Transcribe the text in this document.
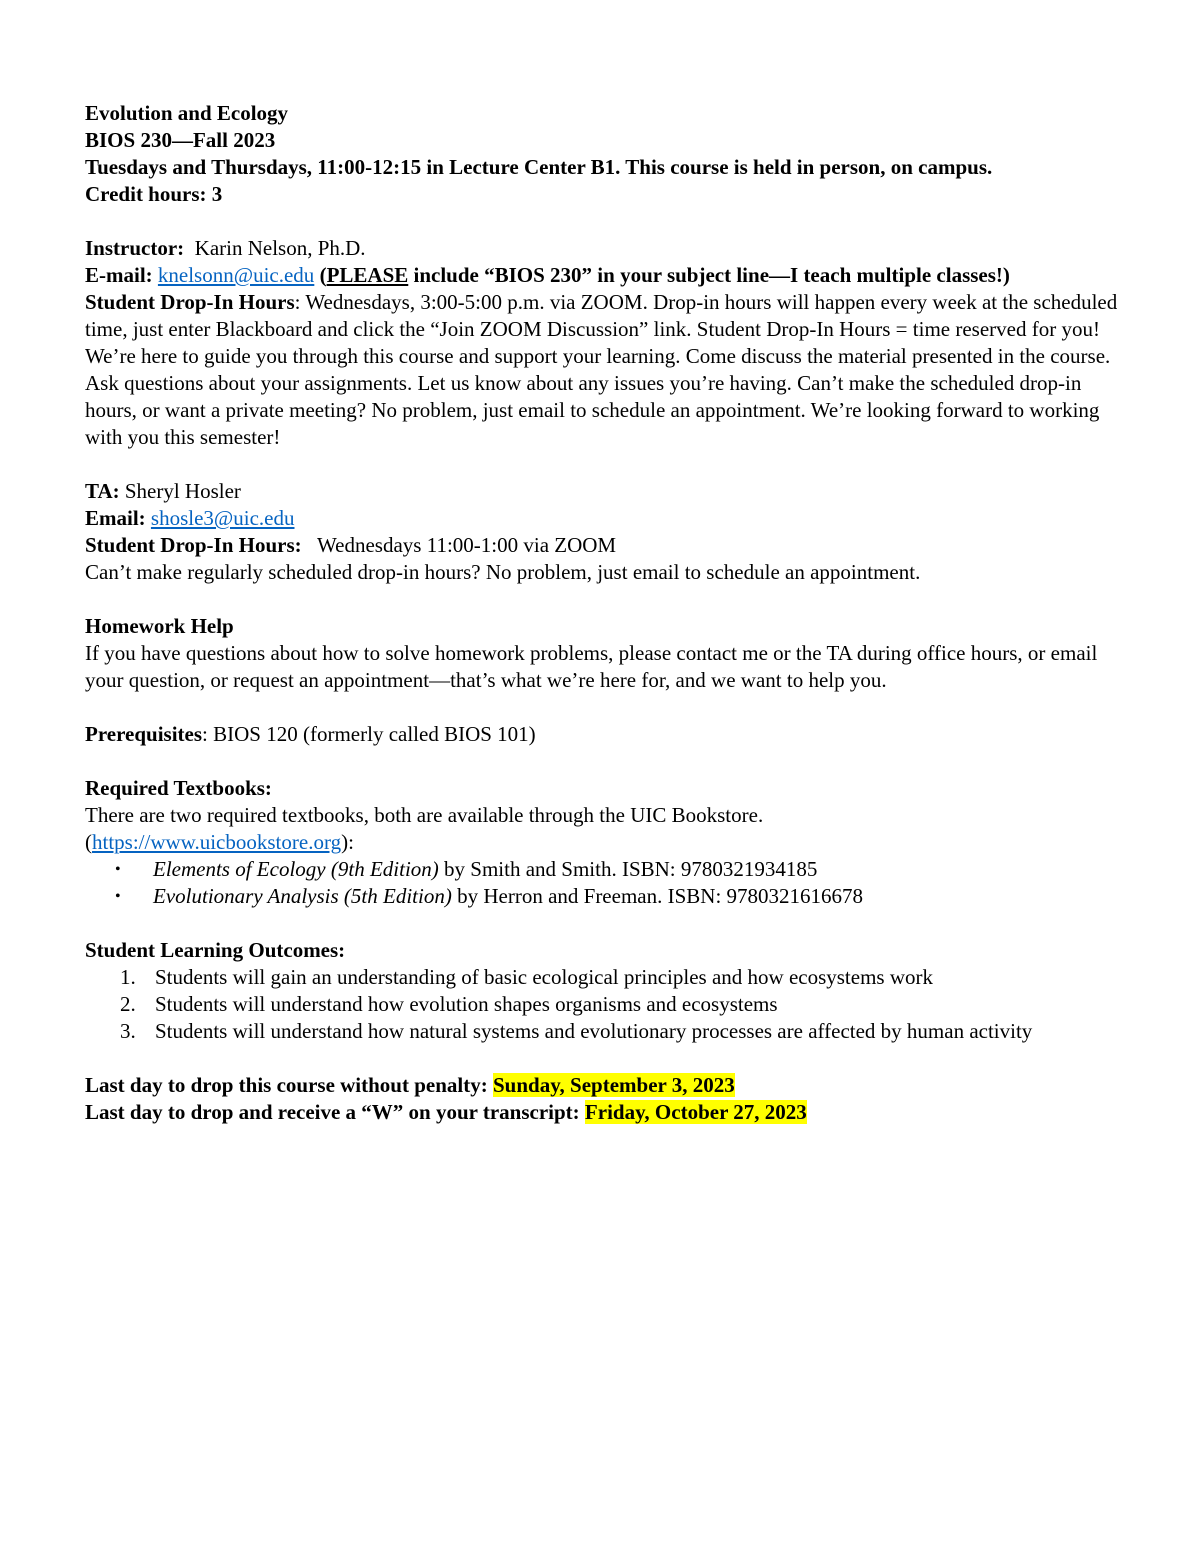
Evolution and Ecology

BIOS 230—Fall 2023

Tuesdays and Thursdays, 11:00-12:15 in Lecture Center B1. This course is held in person, on campus.

Credit hours: 3

Instructor: Karin Nelson, Ph.D.

E-mail: knelsonn@uic.edu (PLEASE include “BIOS 230” in your subject line—I teach multiple classes!)

Student Drop-In Hours: Wednesdays, 3:00-5:00 p.m. via ZOOM. Drop-in hours will happen every week at the scheduled time, just enter Blackboard and click the “Join ZOOM Discussion” link. Student Drop-In Hours = time reserved for you! We’re here to guide you through this course and support your learning. Come discuss the material presented in the course. Ask questions about your assignments. Let us know about any issues you’re having. Can’t make the scheduled drop-in hours, or want a private meeting? No problem, just email to schedule an appointment. We’re looking forward to working with you this semester!

TA: Sheryl Hosler

Email: shosle3@uic.edu

Student Drop-In Hours: Wednesdays 11:00-1:00 via ZOOM

Can’t make regularly scheduled drop-in hours? No problem, just email to schedule an appointment.

Homework Help

If you have questions about how to solve homework problems, please contact me or the TA during office hours, or email your question, or request an appointment—that’s what we’re here for, and we want to help you.

Prerequisites: BIOS 120 (formerly called BIOS 101)

Required Textbooks:

There are two required textbooks, both are available through the UIC Bookstore.

(https://www.uicbookstore.org):

• Elements of Ecology (9th Edition) by Smith and Smith. ISBN: 9780321934185
• Evolutionary Analysis (5th Edition) by Herron and Freeman. ISBN: 9780321616678

Student Learning Outcomes:

1. Students will gain an understanding of basic ecological principles and how ecosystems work
2. Students will understand how evolution shapes organisms and ecosystems
3. Students will understand how natural systems and evolutionary processes are affected by human activity

Last day to drop this course without penalty: Sunday, September 3, 2023

Last day to drop and receive a “W” on your transcript: Friday, October 27, 2023
